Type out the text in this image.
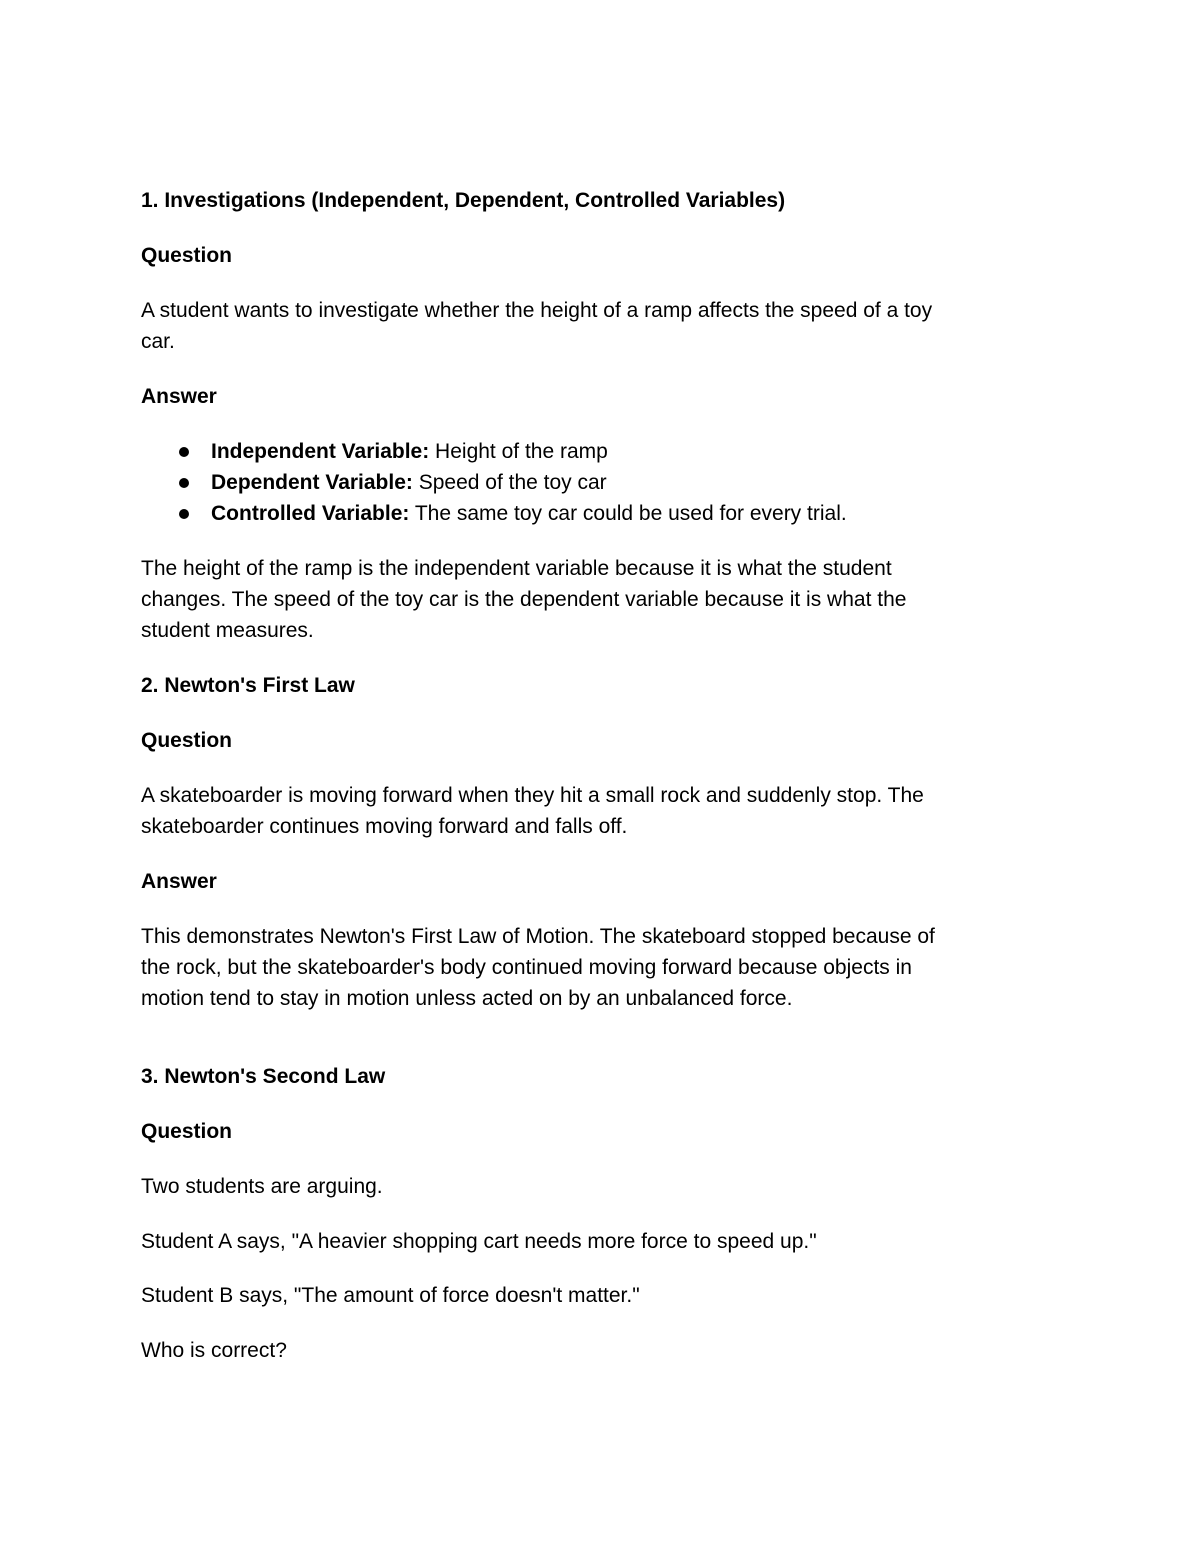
1. Investigations (Independent, Dependent, Controlled Variables)

Question

A student wants to investigate whether the height of a ramp affects the speed of a toy
car.

Answer

Independent Variable: Height of the ramp
Dependent Variable: Speed of the toy car
Controlled Variable: The same toy car could be used for every trial.

The height of the ramp is the independent variable because it is what the student
changes. The speed of the toy car is the dependent variable because it is what the
student measures.

2. Newton's First Law

Question

A skateboarder is moving forward when they hit a small rock and suddenly stop. The
skateboarder continues moving forward and falls off.

Answer

This demonstrates Newton's First Law of Motion. The skateboard stopped because of
the rock, but the skateboarder's body continued moving forward because objects in
motion tend to stay in motion unless acted on by an unbalanced force.

3. Newton's Second Law

Question

Two students are arguing.

Student A says, "A heavier shopping cart needs more force to speed up."

Student B says, "The amount of force doesn't matter."

Who is correct?
